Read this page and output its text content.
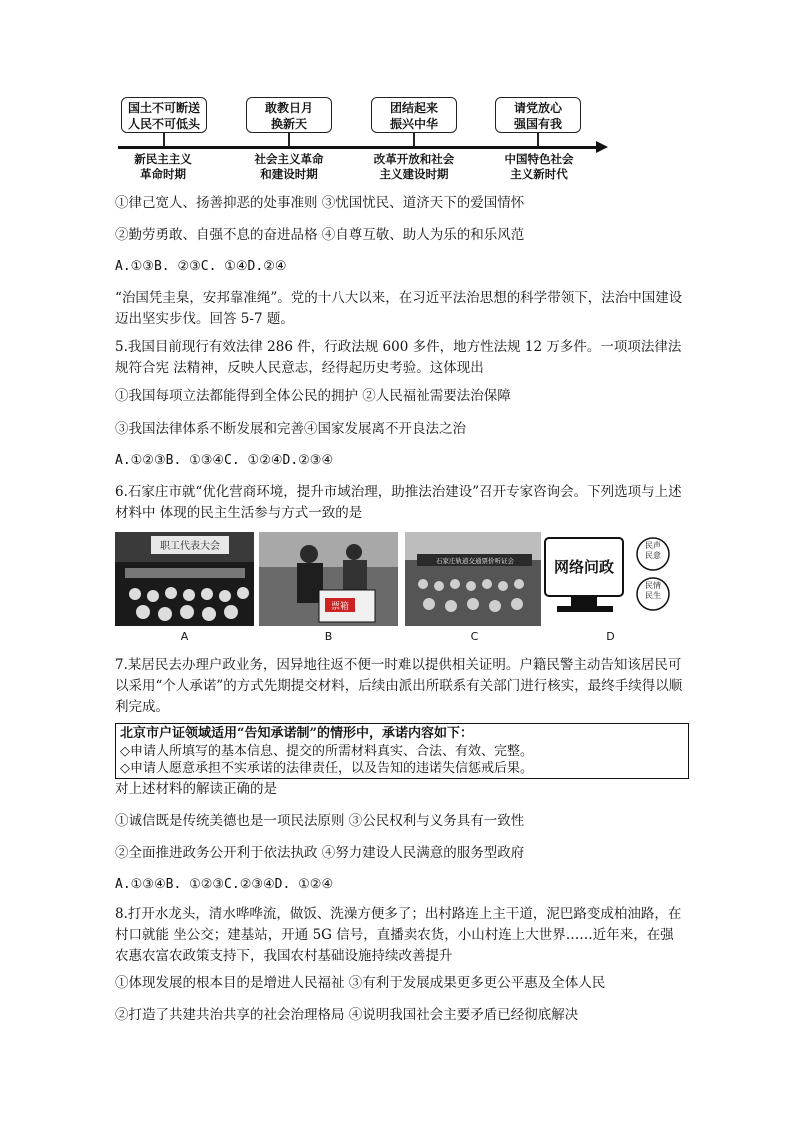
国土不可断送
人民不可低头
新民主主义
革命时期
敢教日月
换新天
社会主义革命
和建设时期
团结起来
振兴中华
改革开放和社会
主义建设时期
请党放心
强国有我
中国特色社会
主义新时代
①律己宽人、扬善抑恶的处事准则 ③忧国忧民、道济天下的爱国情怀
②勤劳勇敢、自强不息的奋进品格 ④自尊互敬、助人为乐的和乐风范
A.①③B. ②③C. ①④D.②④
“治国凭圭臬，安邦靠准绳”。党的十八大以来，在习近平法治思想的科学带领下，法治中国建设迈出坚实步伐。回答 5-7 题。
5.我国目前现行有效法律 286 件，行政法规 600 多件，地方性法规 12 万多件。一项项法律法规符合宪 法精神，反映人民意志，经得起历史考验。这体现出
①我国每项立法都能得到全体公民的拥护 ②人民福祉需要法治保障
③我国法律体系不断发展和完善④国家发展离不开良法之治
A.①②③B. ①③④C. ①②④D.②③④
6.石家庄市就“优化营商环境，提升市域治理，助推法治建设”召开专家咨询会。下列选项与上述材料中 体现的民主生活参与方式一致的是
职工代表大会
A
票箱
B
石家庄轨道交通票价听证会
C
网络问政
民声民意
民情民生
D
7.某居民去办理户政业务，因异地往返不便一时难以提供相关证明。户籍民警主动告知该居民可以采用“个人承诺”的方式先期提交材料，后续由派出所联系有关部门进行核实，最终手续得以顺利完成。
北京市户证领域适用“告知承诺制”的情形中，承诺内容如下：
◇申请人所填写的基本信息、提交的所需材料真实、合法、有效、完整。
◇申请人愿意承担不实承诺的法律责任，以及告知的违诺失信惩戒后果。
对上述材料的解读正确的是
①诚信既是传统美德也是一项民法原则 ③公民权利与义务具有一致性
②全面推进政务公开利于依法执政 ④努力建设人民满意的服务型政府
A.①③④B. ①②③C.②③④D. ①②④
8.打开水龙头，清水哗哗流，做饭、洗澡方便多了；出村路连上主干道，泥巴路变成柏油路，在村口就能 坐公交；建基站，开通 5G 信号，直播卖农货，小山村连上大世界……近年来，在强农惠农富农政策支持下，我国农村基础设施持续改善提升
①体现发展的根本目的是增进人民福祉 ③有利于发展成果更多更公平惠及全体人民
②打造了共建共治共享的社会治理格局 ④说明我国社会主要矛盾已经彻底解决
